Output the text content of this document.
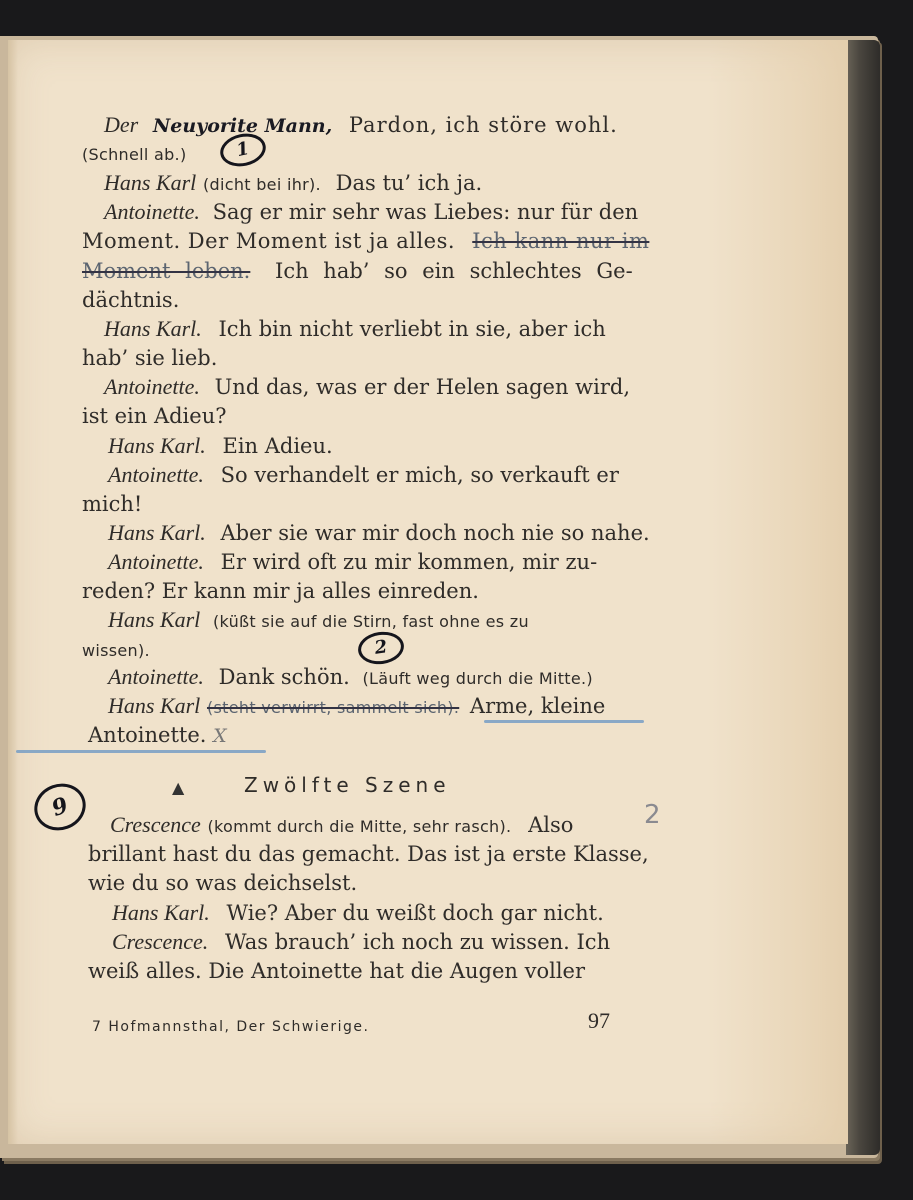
Der Neuyorite Mann, Pardon, ich störe wohl.
(Schnell ab.)	1
Hans Karl (dicht bei ihr). Das tu’ ich ja.
Antoinette. Sag er mir sehr was Liebes: nur für den
Moment. Der Moment ist ja alles. Ich kann nur im
Moment leben. Ich hab’ so ein schlechtes Ge-
dächtnis.
Hans Karl. Ich bin nicht verliebt in sie, aber ich
hab’ sie lieb.
Antoinette. Und das, was er der Helen sagen wird,
ist ein Adieu?
Hans Karl. Ein Adieu.
Antoinette. So verhandelt er mich, so verkauft er
mich!
Hans Karl. Aber sie war mir doch noch nie so nahe.
Antoinette. Er wird oft zu mir kommen, mir zu-
reden? Er kann mir ja alles einreden.
Hans Karl (küßt sie auf die Stirn, fast ohne es zu
wissen).	2
Antoinette. Dank schön. (Läuft weg durch die Mitte.)
Hans Karl (steht verwirrt, sammelt sich). Arme, kleine
Antoinette. X
Zwölfte Szene
▲
9	2
Crescence (kommt durch die Mitte, sehr rasch). Also
brillant hast du das gemacht. Das ist ja erste Klasse,
wie du so was deichselst.
Hans Karl. Wie? Aber du weißt doch gar nicht.
Crescence. Was brauch’ ich noch zu wissen. Ich
weiß alles. Die Antoinette hat die Augen voller
7 Hofmannsthal, Der Schwierige.	97
